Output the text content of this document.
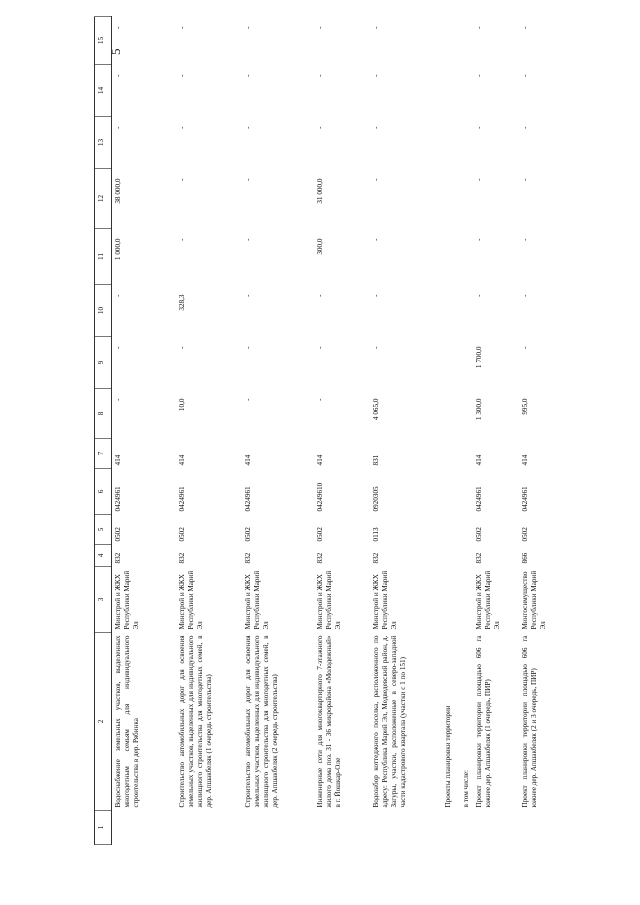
5
1	2	3	4	5	6	7	8	9	10	11	12	13	14	15
	Водоснабжение земельных участков, выделенных многодетным семьям для индивидуального строительства в дер. Рябинка	Минстрой и ЖКХ Республики Марий Эл	832	0502	0424961	414	-	-	-	1 000,0	38 000,0	-	-	-
	Строительство автомобильных дорог для освоения земельных участков, выделенных для индивидуального жилищного строительства для многодетных семей, в дер. Апшакбеляк (1 очередь строительства)	Минстрой и ЖКХ Республики Марий Эл	832	0502	0424961	414	10,0	-	328,3	-	-	-	-	-
	Строительство автомобильных дорог для освоения земельных участков, выделенных для индивидуального жилищного строительства для многодетных семей, в дер. Апшакбеляк (2 очередь строительства)	Минстрой и ЖКХ Республики Марий Эл	832	0502	0424961	414	-	-	-	-	-	-	-	-
	Инженерные сети для многоквартирного 7-этажного жилого дома поз. 31 - 36 микрорайона «Молодежный» в г. Йошкар-Оле	Минстрой и ЖКХ Республики Марий Эл	832	0502	04249610	414	-	-	-	300,0	31 000,0	-	-	-
	Водозабор коттеджного поселка, расположенного по адресу: Республика Марий Эл, Медведевский район, д. Загуры, участки, расположенные в северо-западной части кадастрового квартала (участки с 1 по 151)	Минстрой и ЖКХ Республики Марий Эл	832	0113	0920305	831	4 065,0	-	-	-	-	-	-	-
	Проекты планировки территории													
	в том числе:													
	Проект планировки территории площадью 606 га южнее дер. Апшакбеляк (1 очередь, ПИР)	Минстрой и ЖКХ Республики Марий Эл	832	0502	0424961	414	1 300,0	1 700,0	-	-	-	-	-	-
	Проект планировки территории площадью 606 га южнее дер. Апшакбеляк (2 и 3 очередь, ПИР)	Мингосимущество Республики Марий Эл	866	0502	0424961	414	995,0	-	-	-	-	-	-	-
